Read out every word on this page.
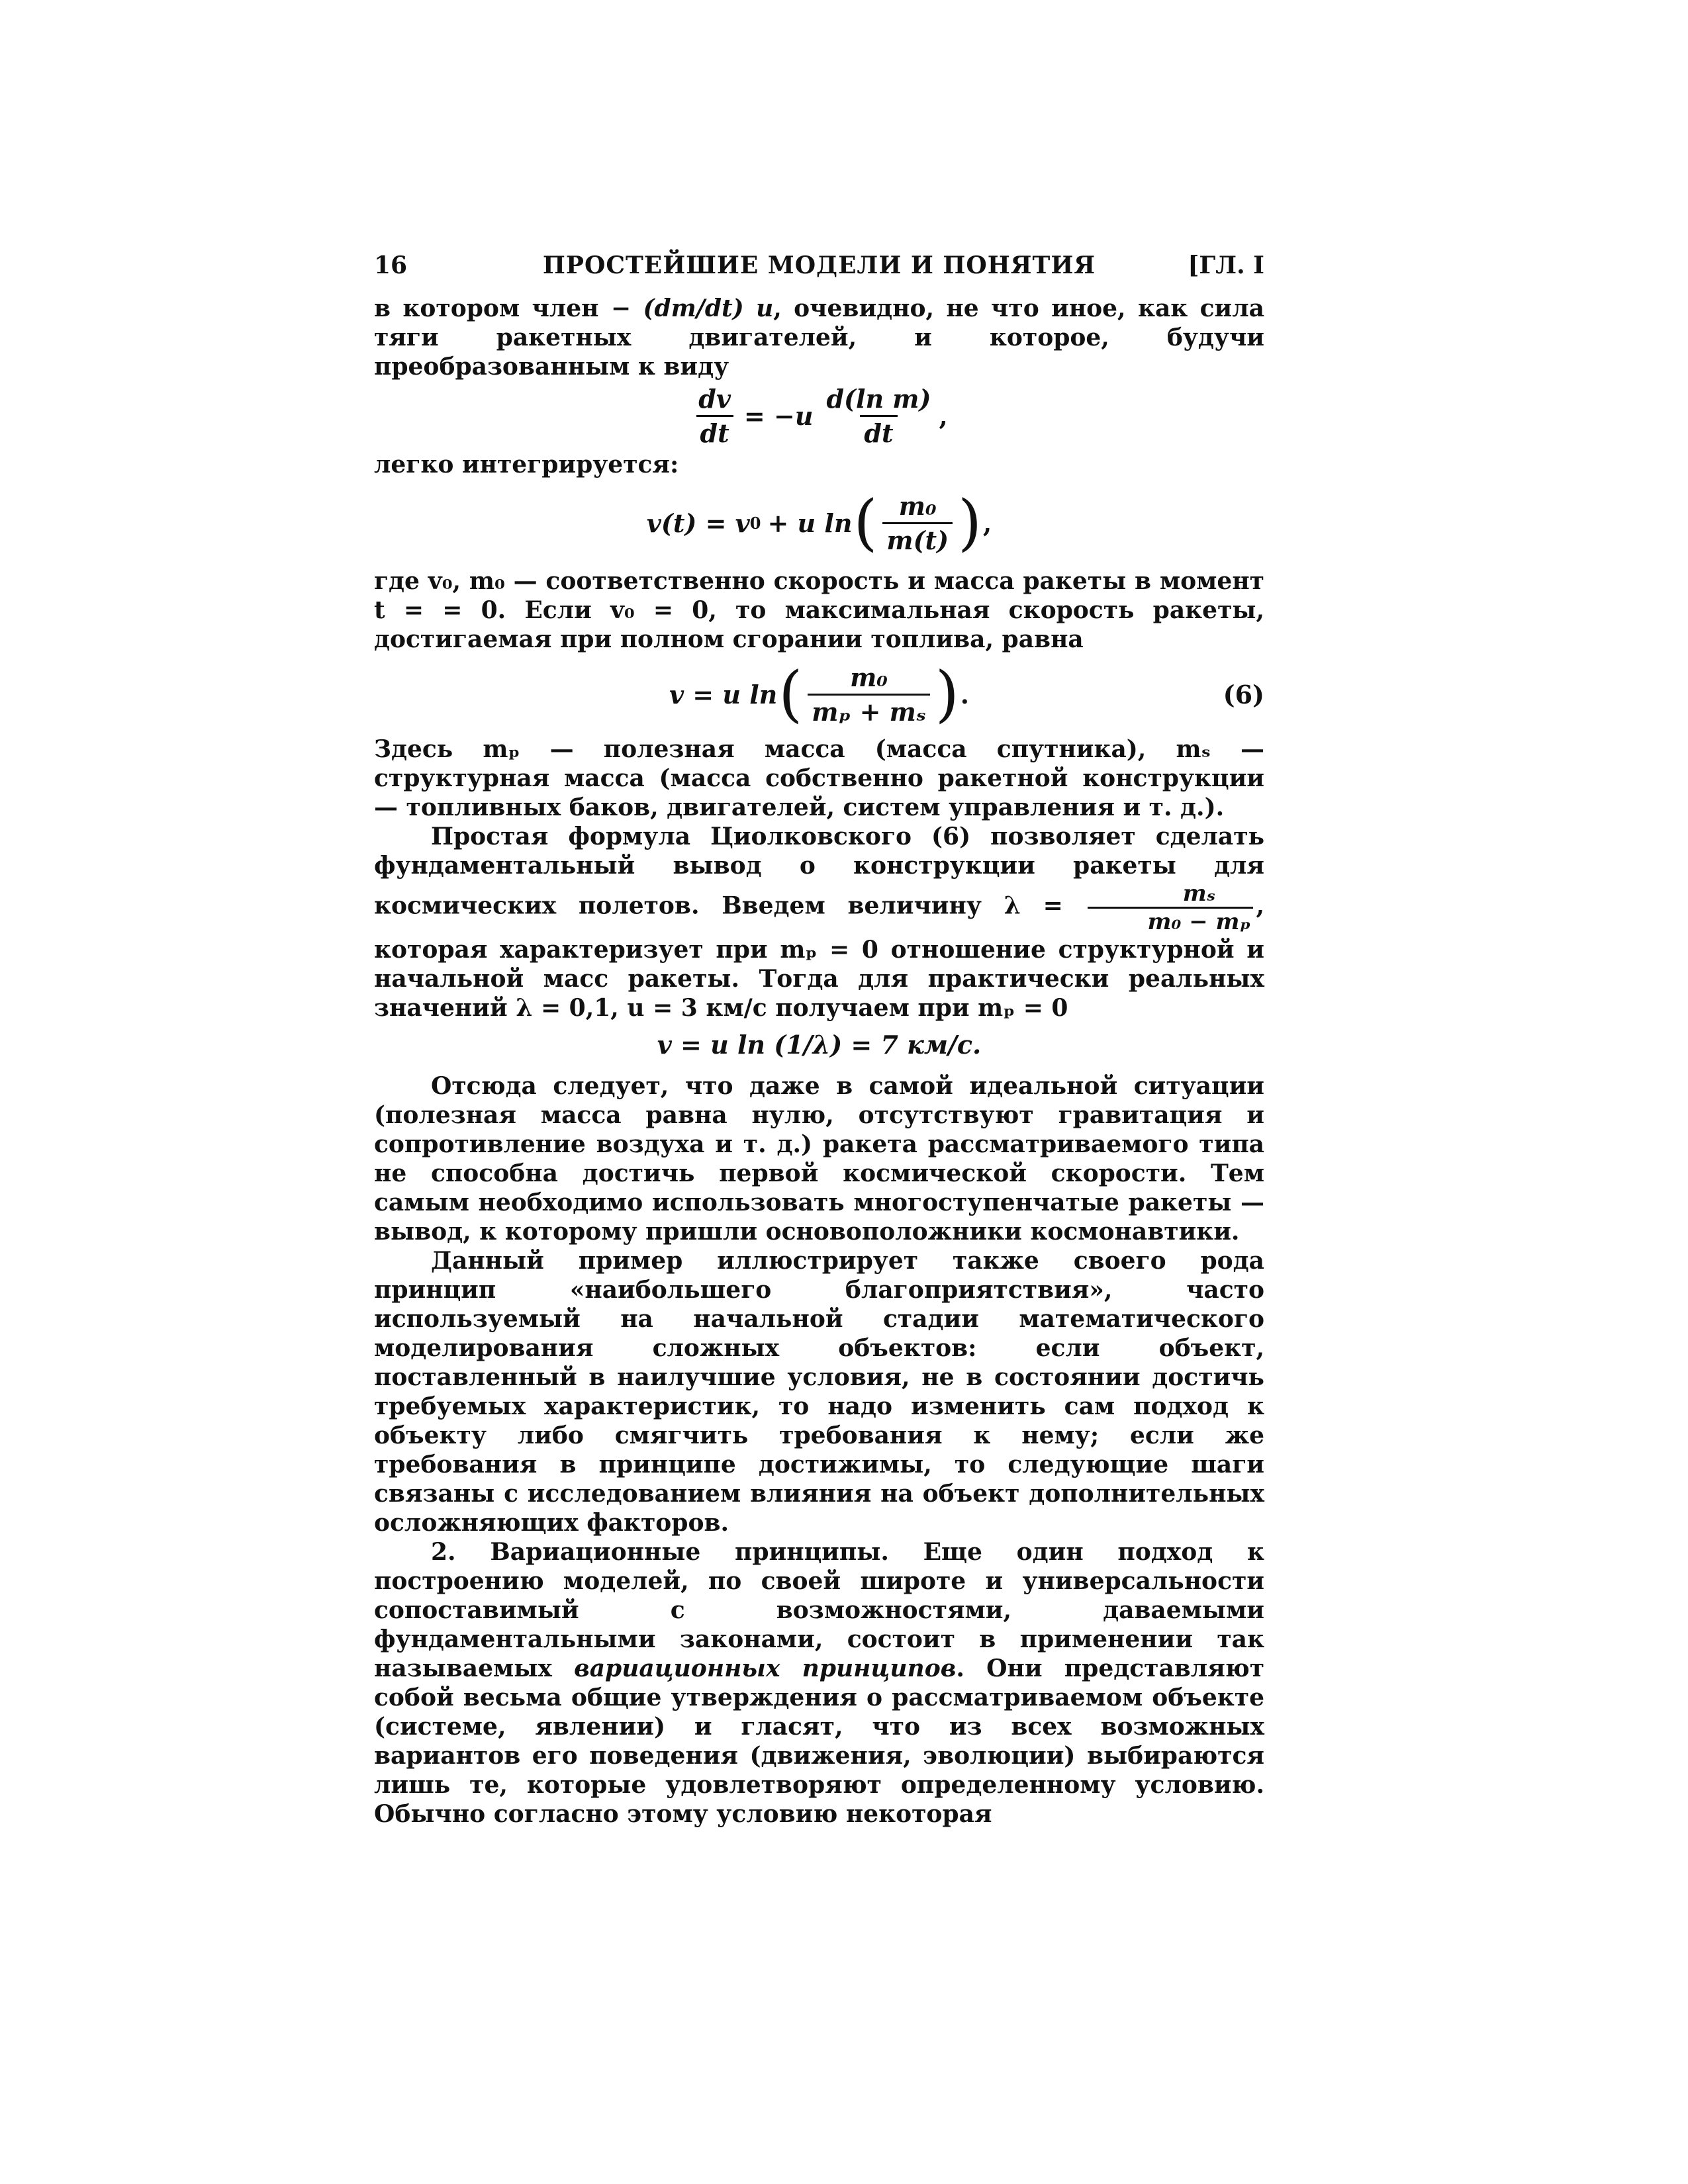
16	ПРОСТЕЙШИЕ МОДЕЛИ И ПОНЯТИЯ	[ГЛ. I

в котором член − (dm/dt) u, очевидно, не что иное, как сила тяги ракетных двигателей, и которое, будучи преобразованным к виду

$\frac{dv}{dt} = -u \frac{\text{d(ln m)}}{dt}$ ,

легко интегрируется:

v(t) = v 0 + u ln ( $\frac{\text{m₀}}{m(t)}$ ) ,

где v₀, m₀ — соответственно скорость и масса ракеты в момент t = = 0. Если v₀ = 0, то максимальная скорость ракеты, достигаемая при полном сгорании топлива, равна

v = u ln ( $\frac{\text{m₀}}{\text{mₚ + mₛ}}$ ) .	(6)

Здесь mₚ — полезная масса (масса спутника), mₛ — структурная масса (масса собственно ракетной конструкции — топливных баков, двигателей, систем управления и т. д.).

Простая формула Циолковского (6) позволяет сделать фундаментальный вывод о конструкции ракеты для космических полетов. Введем величину $\lambda = \frac{\text{mₛ}}{\text{m₀ − mₚ}}$ , которая характеризует при mₚ = 0 отношение структурной и начальной масс ракеты. Тогда для практически реальных значений λ = 0,1, u = 3 км/с получаем при mₚ = 0

v = u ln (1/λ) = 7 км/с.

Отсюда следует, что даже в самой идеальной ситуации (полезная масса равна нулю, отсутствуют гравитация и сопротивление воздуха и т. д.) ракета рассматриваемого типа не способна достичь первой космической скорости. Тем самым необходимо использовать многоступенчатые ракеты — вывод, к которому пришли основоположники космонавтики.

Данный пример иллюстрирует также своего рода принцип «наибольшего благоприятствия», часто используемый на начальной стадии математического моделирования сложных объектов: если объект, поставленный в наилучшие условия, не в состоянии достичь требуемых характеристик, то надо изменить сам подход к объекту либо смягчить требования к нему; если же требования в принципе достижимы, то следующие шаги связаны с исследованием влияния на объект дополнительных осложняющих факторов.

2. Вариационные принципы. Еще один подход к построению моделей, по своей широте и универсальности сопоставимый с возможностями, даваемыми фундаментальными законами, состоит в применении так называемых вариационных принципов. Они представляют собой весьма общие утверждения о рассматриваемом объекте (системе, явлении) и гласят, что из всех возможных вариантов его поведения (движения, эволюции) выбираются лишь те, которые удовлетворяют определенному условию. Обычно согласно этому условию некоторая
